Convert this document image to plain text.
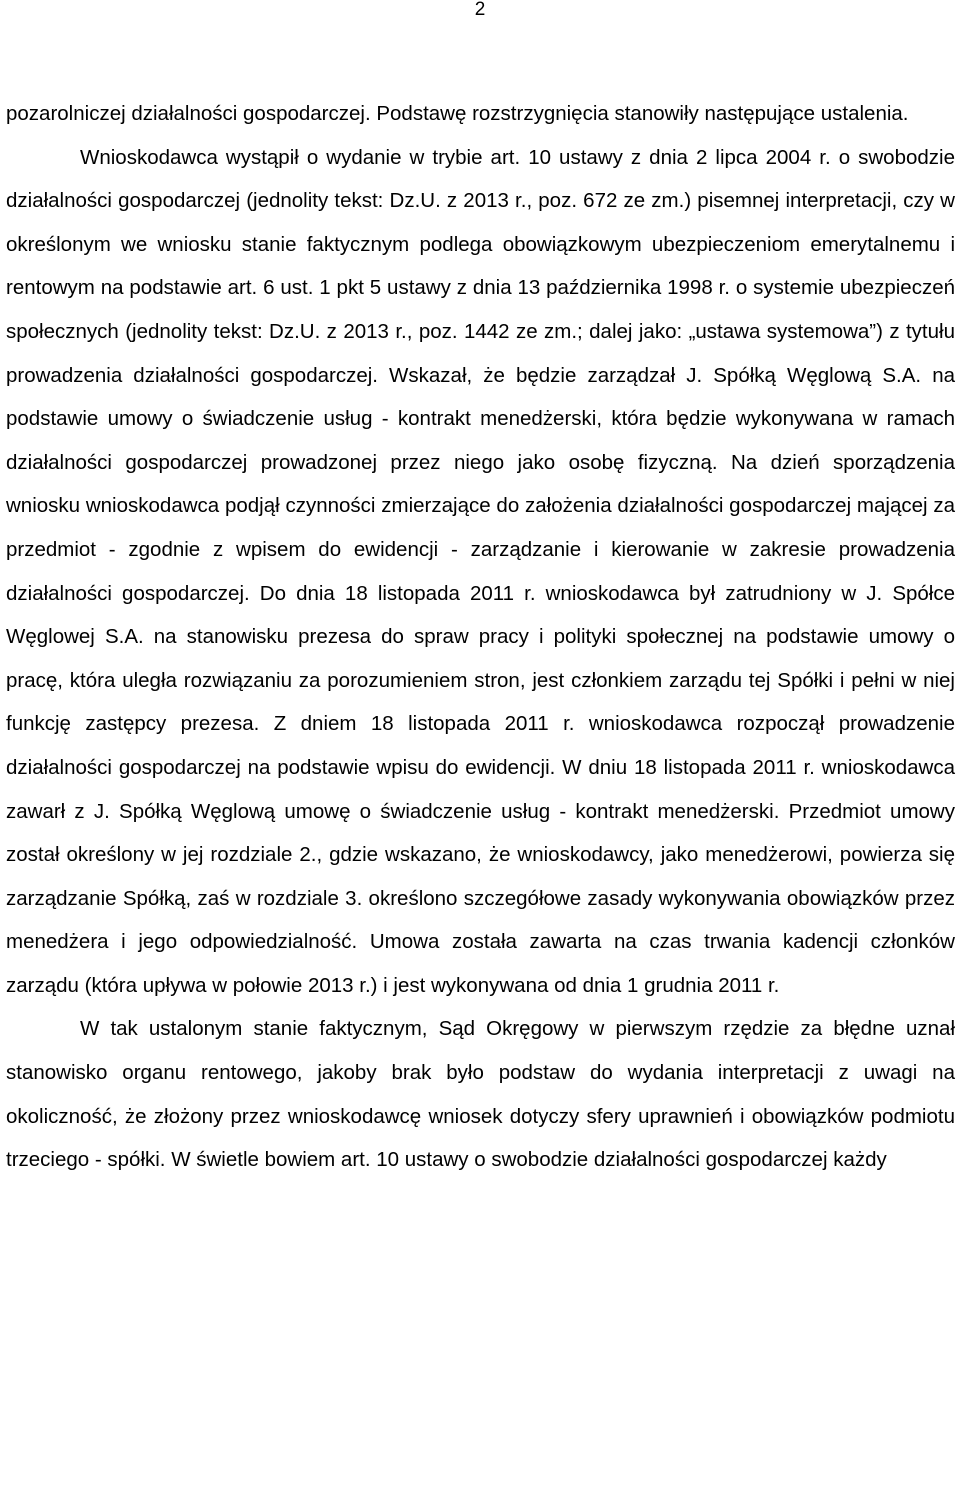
2

pozarolniczej działalności gospodarczej. Podstawę rozstrzygnięcia stanowiły następujące ustalenia.

Wnioskodawca wystąpił o wydanie w trybie art. 10 ustawy z dnia 2 lipca 2004 r. o swobodzie działalności gospodarczej (jednolity tekst: Dz.U. z 2013 r., poz. 672 ze zm.) pisemnej interpretacji, czy w określonym we wniosku stanie faktycznym podlega obowiązkowym ubezpieczeniom emerytalnemu i rentowym na podstawie art. 6 ust. 1 pkt 5 ustawy z dnia 13 października 1998 r. o systemie ubezpieczeń społecznych (jednolity tekst: Dz.U. z 2013 r., poz. 1442 ze zm.; dalej jako: „ustawa systemowa”) z tytułu prowadzenia działalności gospodarczej. Wskazał, że będzie zarządzał J. Spółką Węglową S.A. na podstawie umowy o świadczenie usług - kontrakt menedżerski, która będzie wykonywana w ramach działalności gospodarczej prowadzonej przez niego jako osobę fizyczną. Na dzień sporządzenia wniosku wnioskodawca podjął czynności zmierzające do założenia działalności gospodarczej mającej za przedmiot - zgodnie z wpisem do ewidencji - zarządzanie i kierowanie w zakresie prowadzenia działalności gospodarczej. Do dnia 18 listopada 2011 r. wnioskodawca był zatrudniony w J. Spółce Węglowej S.A. na stanowisku prezesa do spraw pracy i polityki społecznej na podstawie umowy o pracę, która uległa rozwiązaniu za porozumieniem stron, jest członkiem zarządu tej Spółki i pełni w niej funkcję zastępcy prezesa. Z dniem 18 listopada 2011 r. wnioskodawca rozpoczął prowadzenie działalności gospodarczej na podstawie wpisu do ewidencji. W dniu 18 listopada 2011 r. wnioskodawca zawarł z J. Spółką Węglową umowę o świadczenie usług - kontrakt menedżerski. Przedmiot umowy został określony w jej rozdziale 2., gdzie wskazano, że wnioskodawcy, jako menedżerowi, powierza się zarządzanie Spółką, zaś w rozdziale 3. określono szczegółowe zasady wykonywania obowiązków przez menedżera i jego odpowiedzialność. Umowa została zawarta na czas trwania kadencji członków zarządu (która upływa w połowie 2013 r.) i jest wykonywana od dnia 1 grudnia 2011 r.

W tak ustalonym stanie faktycznym, Sąd Okręgowy w pierwszym rzędzie za błędne uznał stanowisko organu rentowego, jakoby brak było podstaw do wydania interpretacji z uwagi na okoliczność, że złożony przez wnioskodawcę wniosek dotyczy sfery uprawnień i obowiązków podmiotu trzeciego - spółki. W świetle bowiem art. 10 ustawy o swobodzie działalności gospodarczej każdy
